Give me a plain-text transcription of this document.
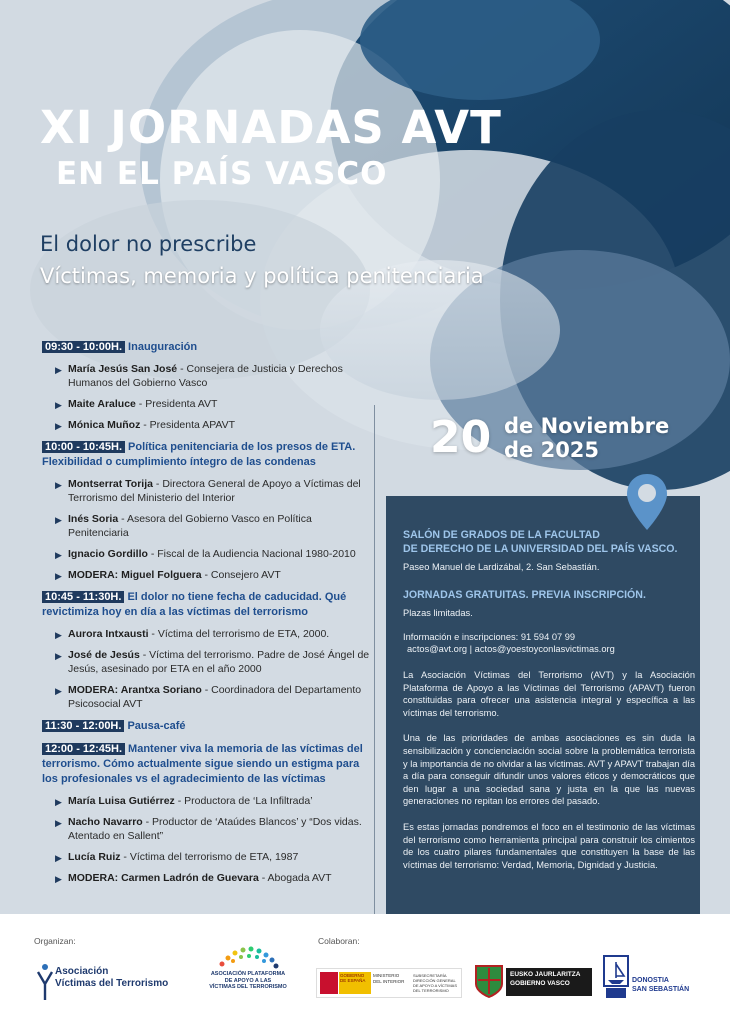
XI JORNADAS AVT
EN EL PAÍS VASCO
El dolor no prescribe
Víctimas, memoria y política penitenciaria
09:30 - 10:00H. Inauguración
▶ María Jesús San José - Consejera de Justicia y Derechos Humanos del Gobierno Vasco
▶ Maite Araluce - Presidenta AVT
▶ Mónica Muñoz - Presidenta APAVT
10:00 - 10:45H. Política penitenciaria de los presos de ETA. Flexibilidad o cumplimiento íntegro de las condenas
▶ Montserrat Torija - Directora General de Apoyo a Víctimas del Terrorismo del Ministerio del Interior
▶ Inés Soria - Asesora del Gobierno Vasco en Política Penitenciaria
▶ Ignacio Gordillo - Fiscal de la Audiencia Nacional 1980-2010
▶ MODERA: Miguel Folguera - Consejero AVT
10:45 - 11:30H. El dolor no tiene fecha de caducidad. Qué revictimiza hoy en día a las víctimas del terrorismo
▶ Aurora Intxausti - Víctima del terrorismo de ETA, 2000.
▶ José de Jesús - Víctima del terrorismo. Padre de José Ángel de Jesús, asesinado por ETA en el año 2000
▶ MODERA: Arantxa Soriano - Coordinadora del Departamento Psicosocial AVT
11:30 - 12:00H. Pausa-café
12:00 - 12:45H. Mantener viva la memoria de las víctimas del terrorismo. Cómo actualmente sigue siendo un estigma para los profesionales vs el agradecimiento de las víctimas
▶ María Luisa Gutiérrez - Productora de ‘La Infiltrada’
▶ Nacho Navarro - Productor de ‘Ataúdes Blancos’ y “Dos vidas. Atentado en Sallent”
▶ Lucía Ruiz - Víctima del terrorismo de ETA, 1987
▶ MODERA: Carmen Ladrón de Guevara - Abogada AVT
20 de Noviembre
de 2025
SALÓN DE GRADOS DE LA FACULTAD
DE DERECHO DE LA UNIVERSIDAD DEL PAÍS VASCO.
Paseo Manuel de Lardizábal, 2. San Sebastián.
JORNADAS GRATUITAS. PREVIA INSCRIPCIÓN.
Plazas limitadas.
Información e inscripciones: 91 594 07 99
actos@avt.org | actos@yoestoyconlasvictimas.org
La Asociación Víctimas del Terrorismo (AVT) y la Asociación Plataforma de Apoyo a las Víctimas del Terrorismo (APAVT) fueron constituidas para ofrecer una asistencia integral y específica a las víctimas del terrorismo.
Una de las prioridades de ambas asociaciones es sin duda la sensibilización y concienciación social sobre la problemática terrorista y la importancia de no olvidar a las víctimas. AVT y APAVT trabajan día a día para conseguir difundir unos valores éticos y democráticos que den lugar a una sociedad sana y justa en la que las nuevas generaciones no repitan los errores del pasado.
Es estas jornadas pondremos el foco en el testimonio de las víctimas del terrorismo como herramienta principal para construir los cimientos de los cuatro pilares fundamentales que constituyen la base de las víctimas del terrorismo: Verdad, Memoria, Dignidad y Justicia.
Organizan:	Colaboran:
Asociación
Víctimas del Terrorismo
ASOCIACIÓN PLATAFORMA
DE APOYO A LAS
VÍCTIMAS DEL TERRORISMO
GOBIERNO DE ESPAÑA
MINISTERIO DEL INTERIOR
SUBSECRETARÍA DIRECCIÓN GENERAL DE APOYO A VÍCTIMAS DEL TERRORISMO
EUSKO JAURLARITZA
GOBIERNO VASCO	DONOSTIA
SAN SEBASTIÁN
